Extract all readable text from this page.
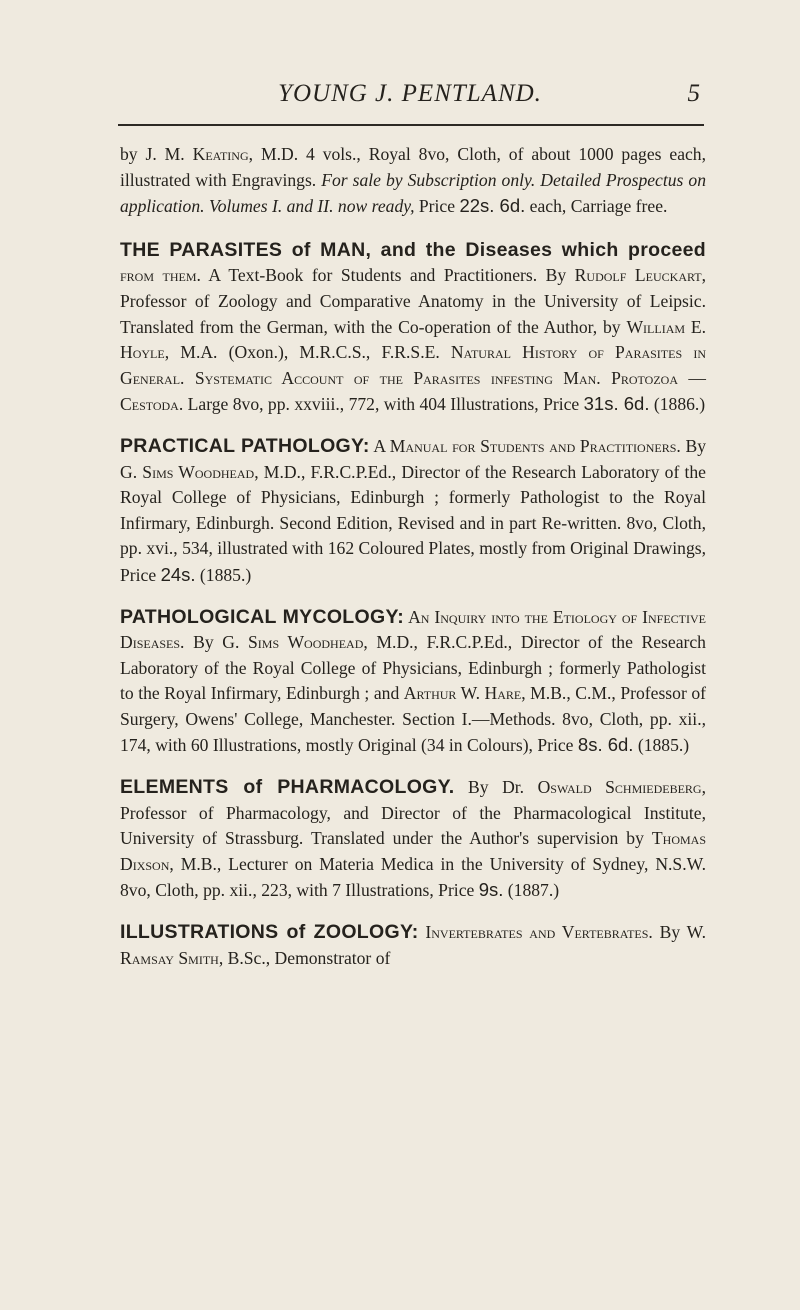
YOUNG J. PENTLAND.	5

by J. M. Keating, M.D. 4 vols., Royal 8vo, Cloth, of about 1000 pages each, illustrated with Engravings. For sale by Subscription only. Detailed Prospectus on application. Volumes I. and II. now ready, Price 22s. 6d. each, Carriage free.

THE PARASITES of MAN, and the Diseases which proceed from them. A Text-Book for Students and Practitioners. By Rudolf Leuckart, Professor of Zoology and Comparative Anatomy in the University of Leipsic. Translated from the German, with the Co-operation of the Author, by William E. Hoyle, M.A. (Oxon.), M.R.C.S., F.R.S.E. Natural History of Parasites in General. Systematic Account of the Parasites infesting Man. Protozoa —Cestoda. Large 8vo, pp. xxviii., 772, with 404 Illustrations, Price 31s. 6d. (1886.)

PRACTICAL PATHOLOGY: A Manual for Students and Practitioners. By G. Sims Woodhead, M.D., F.R.C.P.Ed., Director of the Research Laboratory of the Royal College of Physicians, Edinburgh ; formerly Pathologist to the Royal Infirmary, Edinburgh. Second Edition, Revised and in part Re-written. 8vo, Cloth, pp. xvi., 534, illustrated with 162 Coloured Plates, mostly from Original Drawings, Price 24s. (1885.)

PATHOLOGICAL MYCOLOGY: An Inquiry into the Etiology of Infective Diseases. By G. Sims Woodhead, M.D., F.R.C.P.Ed., Director of the Research Laboratory of the Royal College of Physicians, Edinburgh ; formerly Pathologist to the Royal Infirmary, Edinburgh ; and Arthur W. Hare, M.B., C.M., Professor of Surgery, Owens' College, Manchester. Section I.—Methods. 8vo, Cloth, pp. xii., 174, with 60 Illustrations, mostly Original (34 in Colours), Price 8s. 6d. (1885.)

ELEMENTS of PHARMACOLOGY. By Dr. Oswald Schmiedeberg, Professor of Pharmacology, and Director of the Pharmacological Institute, University of Strassburg. Translated under the Author's supervision by Thomas Dixson, M.B., Lecturer on Materia Medica in the University of Sydney, N.S.W. 8vo, Cloth, pp. xii., 223, with 7 Illustrations, Price 9s. (1887.)

ILLUSTRATIONS of ZOOLOGY: Invertebrates and Vertebrates. By W. Ramsay Smith, B.Sc., Demonstrator of
